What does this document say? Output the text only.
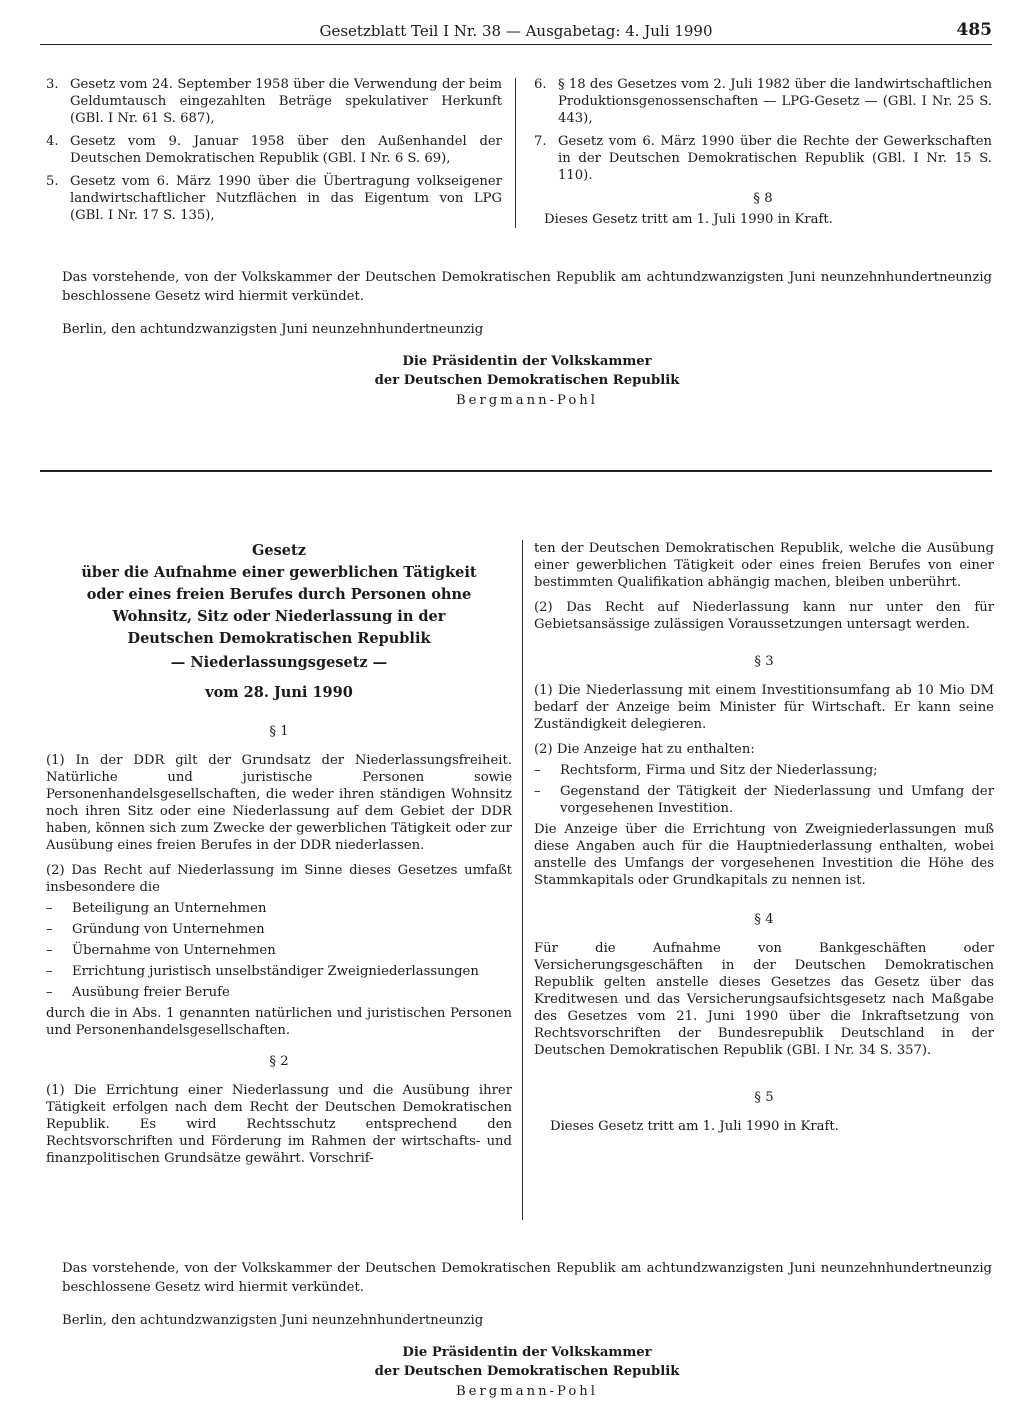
Gesetzblatt Teil I Nr. 38 — Ausgabetag: 4. Juli 1990	485
3. Gesetz vom 24. September 1958 über die Verwendung der beim Geldumtausch eingezahlten Beträge spekulativer Herkunft (GBl. I Nr. 61 S. 687),
4. Gesetz vom 9. Januar 1958 über den Außenhandel der Deutschen Demokratischen Republik (GBl. I Nr. 6 S. 69),
5. Gesetz vom 6. März 1990 über die Übertragung volkseigener landwirtschaftlicher Nutzflächen in das Eigentum von LPG (GBl. I Nr. 17 S. 135),
6. § 18 des Gesetzes vom 2. Juli 1982 über die landwirtschaftlichen Produktionsgenossenschaften — LPG-Gesetz — (GBl. I Nr. 25 S. 443),
7. Gesetz vom 6. März 1990 über die Rechte der Gewerkschaften in der Deutschen Demokratischen Republik (GBl. I Nr. 15 S. 110).
§ 8
Dieses Gesetz tritt am 1. Juli 1990 in Kraft.
Das vorstehende, von der Volkskammer der Deutschen Demokratischen Republik am achtundzwanzigsten Juni neunzehnhundertneunzig beschlossene Gesetz wird hiermit verkündet.
Berlin, den achtundzwanzigsten Juni neunzehnhundertneunzig
Die Präsidentin der Volkskammer
der Deutschen Demokratischen Republik
Bergmann-Pohl
Gesetz
über die Aufnahme einer gewerblichen Tätigkeit
oder eines freien Berufes durch Personen ohne
Wohnsitz, Sitz oder Niederlassung in der
Deutschen Demokratischen Republik
— Niederlassungsgesetz —
vom 28. Juni 1990
§ 1

(1) In der DDR gilt der Grundsatz der Niederlassungsfreiheit. Natürliche und juristische Personen sowie Personenhandelsgesellschaften, die weder ihren ständigen Wohnsitz noch ihren Sitz oder eine Niederlassung auf dem Gebiet der DDR haben, können sich zum Zwecke der gewerblichen Tätigkeit oder zur Ausübung eines freien Berufes in der DDR niederlassen.

(2) Das Recht auf Niederlassung im Sinne dieses Gesetzes umfaßt insbesondere die

–	Beteiligung an Unternehmen
–	Gründung von Unternehmen
–	Übernahme von Unternehmen
–	Errichtung juristisch unselbständiger Zweigniederlassungen
–	Ausübung freier Berufe

durch die in Abs. 1 genannten natürlichen und juristischen Personen und Personenhandelsgesellschaften.

§ 2

(1) Die Errichtung einer Niederlassung und die Ausübung ihrer Tätigkeit erfolgen nach dem Recht der Deutschen Demokratischen Republik. Es wird Rechtsschutz entsprechend den Rechtsvorschriften und Förderung im Rahmen der wirtschafts- und finanzpolitischen Grundsätze gewährt. Vorschrif-

ten der Deutschen Demokratischen Republik, welche die Ausübung einer gewerblichen Tätigkeit oder eines freien Berufes von einer bestimmten Qualifikation abhängig machen, bleiben unberührt.

(2) Das Recht auf Niederlassung kann nur unter den für Gebietsansässige zulässigen Voraussetzungen untersagt werden.

§ 3

(1) Die Niederlassung mit einem Investitionsumfang ab 10 Mio DM bedarf der Anzeige beim Minister für Wirtschaft. Er kann seine Zuständigkeit delegieren.

(2) Die Anzeige hat zu enthalten:

–	Rechtsform, Firma und Sitz der Niederlassung;
–	Gegenstand der Tätigkeit der Niederlassung und Umfang der vorgesehenen Investition.

Die Anzeige über die Errichtung von Zweigniederlassungen muß diese Angaben auch für die Hauptniederlassung enthalten, wobei anstelle des Umfangs der vorgesehenen Investition die Höhe des Stammkapitals oder Grundkapitals zu nennen ist.

§ 4

Für die Aufnahme von Bankgeschäften oder Versicherungsgeschäften in der Deutschen Demokratischen Republik gelten anstelle dieses Gesetzes das Gesetz über das Kreditwesen und das Versicherungsaufsichtsgesetz nach Maßgabe des Gesetzes vom 21. Juni 1990 über die Inkraftsetzung von Rechtsvorschriften der Bundesrepublik Deutschland in der Deutschen Demokratischen Republik (GBl. I Nr. 34 S. 357).

§ 5

Dieses Gesetz tritt am 1. Juli 1990 in Kraft.

Das vorstehende, von der Volkskammer der Deutschen Demokratischen Republik am achtundzwanzigsten Juni neunzehnhundertneunzig beschlossene Gesetz wird hiermit verkündet.
Berlin, den achtundzwanzigsten Juni neunzehnhundertneunzig
Die Präsidentin der Volkskammer
der Deutschen Demokratischen Republik
Bergmann-Pohl
